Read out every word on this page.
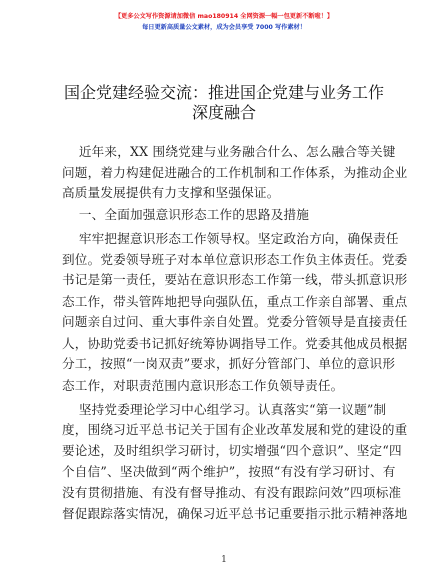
【更多公文写作资源请加微信 mao180914 全网资源一幅一包更新不断啦！】
每日更新高质量公文素材，成为会员享受 7000 写作素材！
国企党建经验交流：推进国企党建与业务工作
深度融合
近年来，XX 围绕党建与业务融合什么、怎么融合等关键
问题，着力构建促进融合的工作机制和工作体系，为推动企业
高质量发展提供有力支撑和坚强保证。
一、全面加强意识形态工作的思路及措施
牢牢把握意识形态工作领导权。坚定政治方向，确保责任
到位。党委领导班子对本单位意识形态工作负主体责任。党委
书记是第一责任，要站在意识形态工作第一线，带头抓意识形
态工作，带头管阵地把导向强队伍，重点工作亲自部署、重点
问题亲自过问、重大事件亲自处置。党委分管领导是直接责任
人，协助党委书记抓好统筹协调指导工作。党委其他成员根据
分工，按照“一岗双责”要求，抓好分管部门、单位的意识形
态工作，对职责范围内意识形态工作负领导责任。
坚持党委理论学习中心组学习。认真落实“第一议题”制
度，围绕习近平总书记关于国有企业改革发展和党的建设的重
要论述，及时组织学习研讨，切实增强“四个意识”、坚定“四
个自信”、坚决做到“两个维护”，按照“有没有学习研讨、有
没有贯彻措施、有没有督导推动、有没有跟踪问效”四项标准
督促跟踪落实情况，确保习近平总书记重要指示批示精神落地
1
